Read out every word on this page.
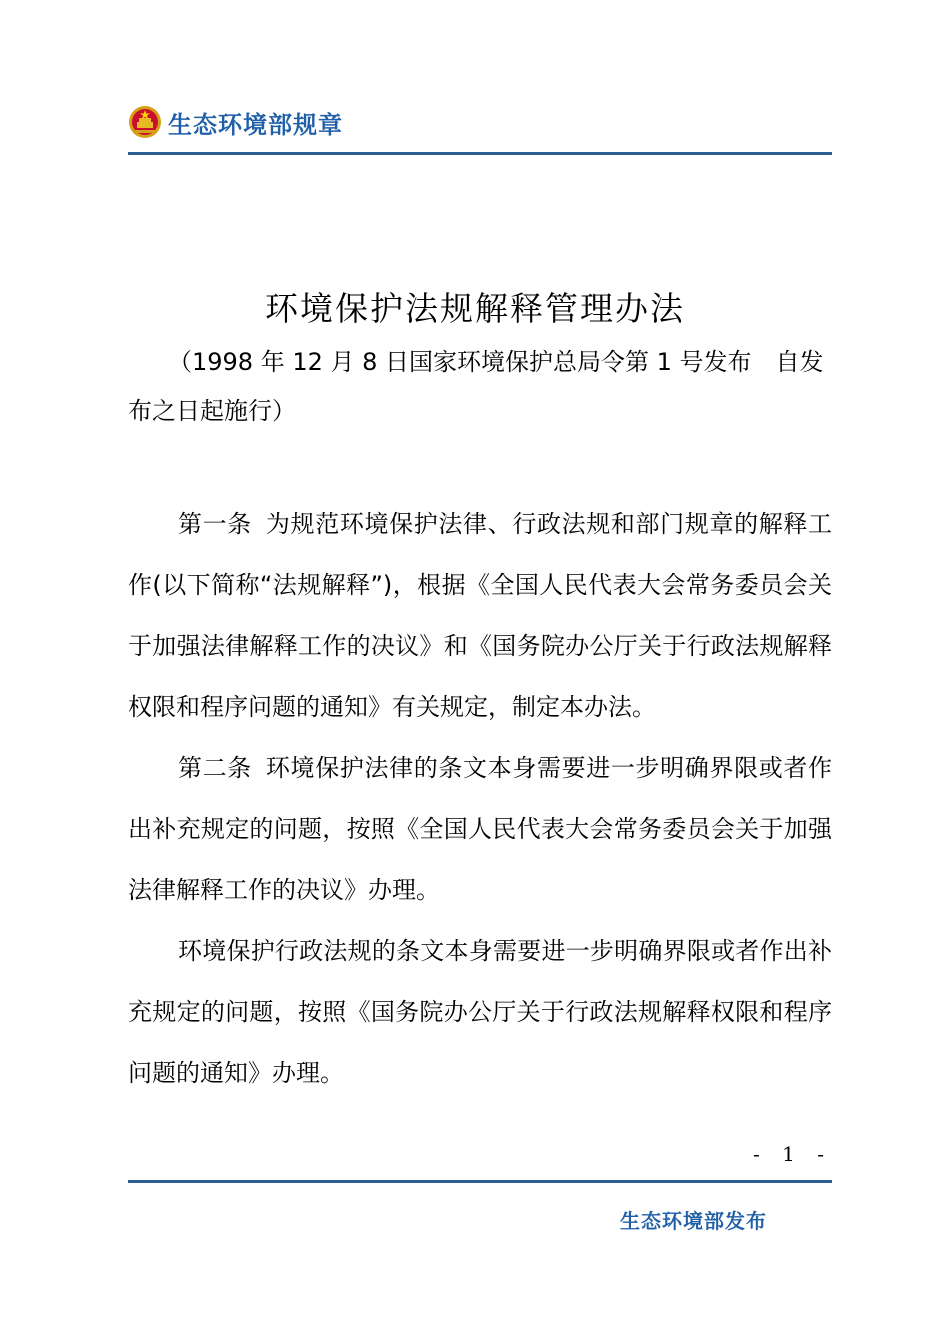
生态环境部规章
环境保护法规解释管理办法
（1998 年 12 月 8 日国家环境保护总局令第 1 号发布　自发布之日起施行）

第一条 为规范环境保护法律、行政法规和部门规章的解释工作(以下简称“法规解释”)，根据《全国人民代表大会常务委员会关于加强法律解释工作的决议》和《国务院办公厅关于行政法规解释权限和程序问题的通知》有关规定，制定本办法。

第二条 环境保护法律的条文本身需要进一步明确界限或者作出补充规定的问题，按照《全国人民代表大会常务委员会关于加强法律解释工作的决议》办理。

环境保护行政法规的条文本身需要进一步明确界限或者作出补充规定的问题，按照《国务院办公厅关于行政法规解释权限和程序问题的通知》办理。

- 1 -
生态环境部发布
